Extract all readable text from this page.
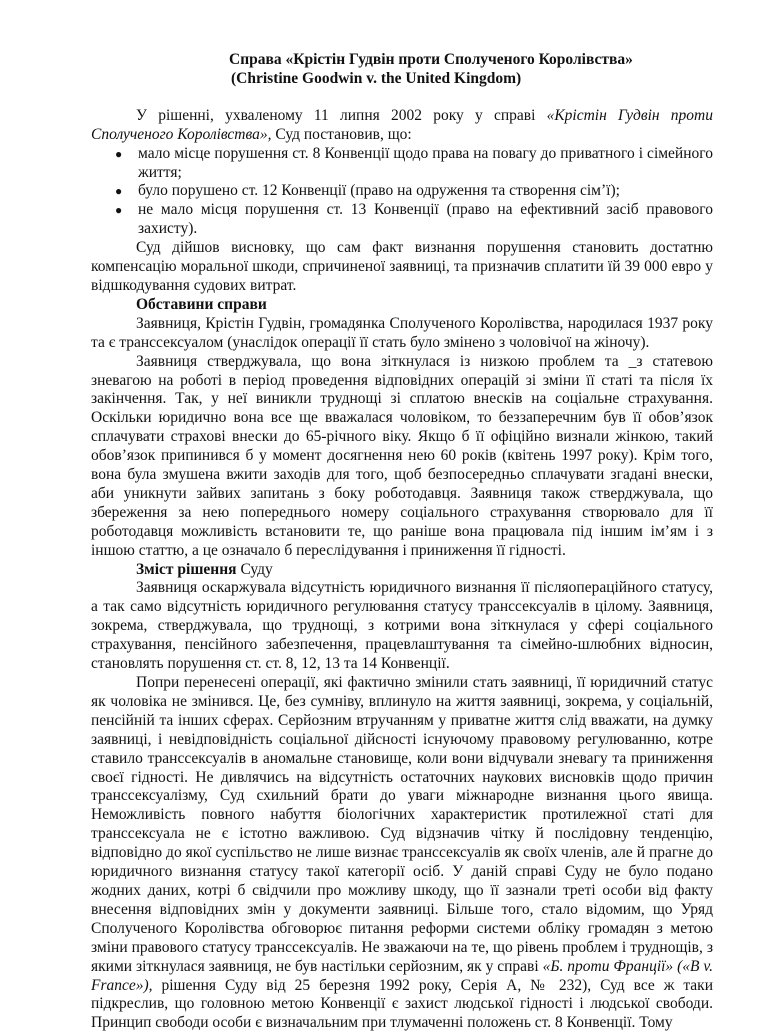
Справа «Крістін Гудвін проти Сполученого Королівства»

(Christine Goodwin v. the United Kingdom)

У рішенні, ухваленому 11 липня 2002 року у справі «Крістін Гудвін проти Сполученого Королівства», Суд постановив, що:

● мало місце порушення ст. 8 Конвенції щодо права на повагу до приватного і сімейного життя;
● було порушено ст. 12 Конвенції (право на одруження та створення сім’ї);
● не мало місця порушення ст. 13 Конвенції (право на ефективний засіб правового захисту).

Суд дійшов висновку, що сам факт визнання порушення становить достатню компенсацію моральної шкоди, спричиненої заявниці, та призначив сплатити їй 39 000 евро у відшкодування судових витрат.

Обставини справи

Заявниця, Крістін Гудвін, громадянка Сполученого Королівства, народилася 1937 року та є транссексуалом (унаслідок операції її стать було змінено з чоловічої на жіночу).

Заявниця стверджувала, що вона зіткнулася із низкою проблем та _з статевою зневагою на роботі в період проведення відповідних операцій зі зміни її статі та після їх закінчення. Так, у неї виникли труднощі зі сплатою внесків на соціальне страхування. Оскільки юридично вона все ще вважалася чоловіком, то беззаперечним був її обов’язок сплачувати страхові внески до 65-річного віку. Якщо б її офіційно визнали жінкою, такий обов’язок припинився б у момент досягнення нею 60 років (квітень 1997 року). Крім того, вона була змушена вжити заходів для того, щоб безпосередньо сплачувати згадані внески, аби уникнути зайвих запитань з боку роботодавця. Заявниця також стверджувала, що збереження за нею попереднього номеру соціального страхування створювало для її роботодавця можливість встановити те, що раніше вона працювала під іншим ім’ям і з іншою статтю, а це означало б переслідування і приниження її гідності.

Зміст рішення Суду

Заявниця оскаржувала відсутність юридичного визнання її післяопераційного статусу, а так само відсутність юридичного регулювання статусу транссексуалів в цілому. Заявниця, зокрема, стверджувала, що труднощі, з котрими вона зіткнулася у сфері соціального страхування, пенсійного забезпечення, працевлаштування та сімейно-шлюбних відносин, становлять порушення ст. ст. 8, 12, 13 та 14 Конвенції.

Попри перенесені операції, які фактично змінили стать заявниці, її юридичний статус як чоловіка не змінився. Це, без сумніву, вплинуло на життя заявниці, зокрема, у соціальній, пенсійній та інших сферах. Серйозним втручанням у приватне життя слід вважати, на думку заявниці, і невідповідність соціальної дійсності існуючому правовому регулюванню, котре ставило транссексуалів в аномальне становище, коли вони відчували зневагу та приниження своєї гідності. Не дивлячись на відсутність остаточних наукових висновків щодо причин транссексуалізму, Суд схильний брати до уваги міжнародне визнання цього явища. Неможливість повного набуття біологічних характеристик протилежної статі для транссексуала не є істотно важливою. Суд відзначив чітку й послідовну тенденцію, відповідно до якої суспільство не лише визнає транссексуалів як своїх членів, але й прагне до юридичного визнання статусу такої категорії осіб. У даній справі Суду не було подано жодних даних, котрі б свідчили про можливу шкоду, що її зазнали треті особи від факту внесення відповідних змін у документи заявниці. Більше того, стало відомим, що Уряд Сполученого Королівства обговорює питання реформи системи обліку громадян з метою зміни правового статусу транссексуалів. Не зважаючи на те, що рівень проблем і труднощів, з якими зіткнулася заявниця, не був настільки серйозним, як у справі «Б. проти Франції» («B v. France»), рішення Суду від 25 березня 1992 року, Серія А, № 232), Суд все ж таки підкреслив, що головною метою Конвенції є захист людської гідності і людської свободи. Принцип свободи особи є визначальним при тлумаченні положень ст. 8 Конвенції. Тому
